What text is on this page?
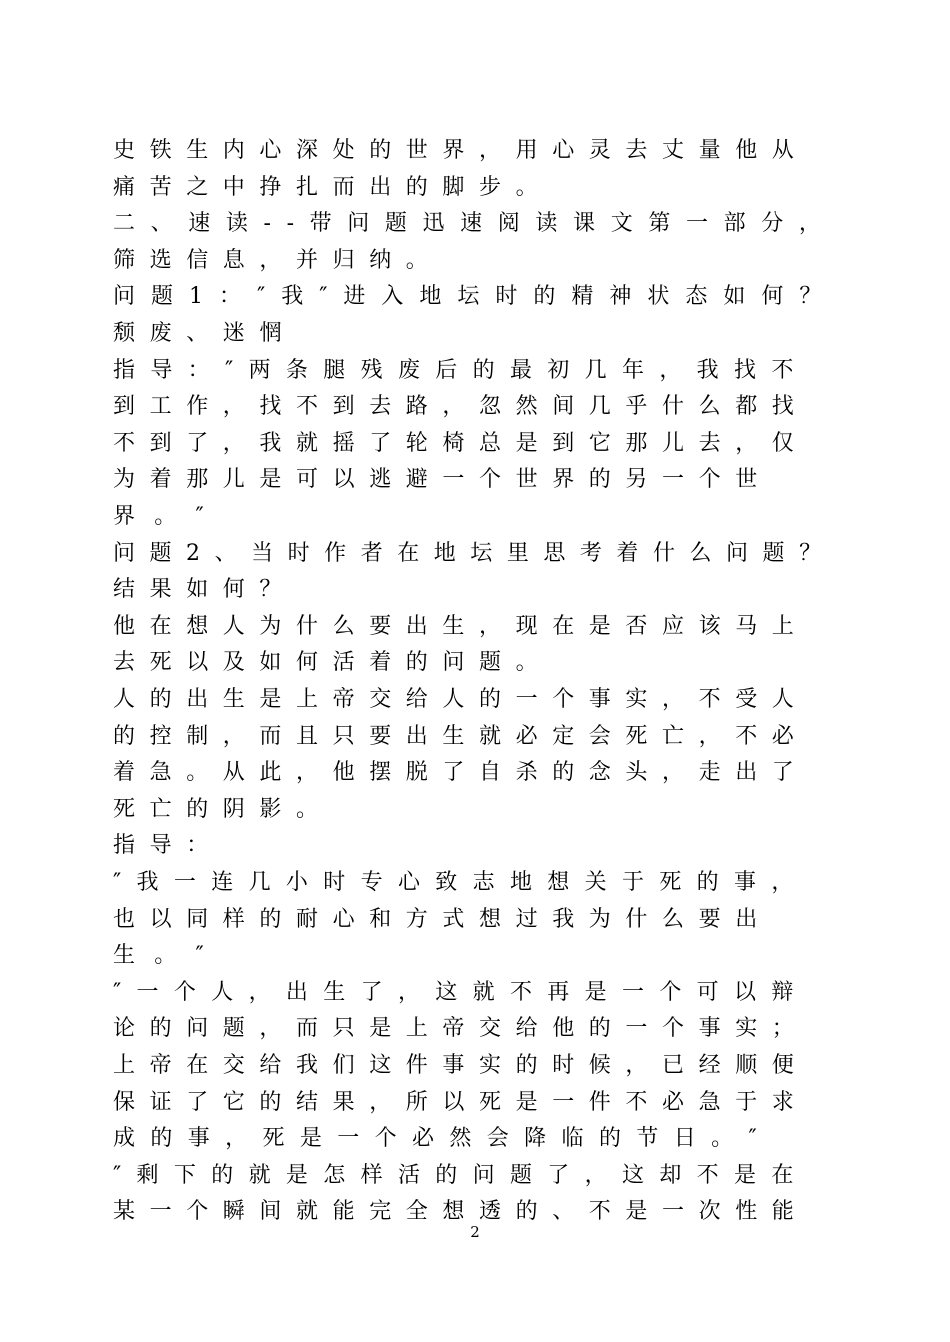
史铁生内心深处的世界，用心灵去丈量他从
痛苦之中挣扎而出的脚步。
二、速读--带问题迅速阅读课文第一部分，
筛选信息，并归纳。
问题1：″我″进入地坛时的精神状态如何？
颓废、迷惘
指导：″两条腿残废后的最初几年，我找不
到工作，找不到去路，忽然间几乎什么都找
不到了，我就摇了轮椅总是到它那儿去，仅
为着那儿是可以逃避一个世界的另一个世
界。″
问题2、当时作者在地坛里思考着什么问题？
结果如何？
他在想人为什么要出生，现在是否应该马上
去死以及如何活着的问题。
人的出生是上帝交给人的一个事实，不受人
的控制，而且只要出生就必定会死亡，不必
着急。从此，他摆脱了自杀的念头，走出了
死亡的阴影。
指导：
″我一连几小时专心致志地想关于死的事，
也以同样的耐心和方式想过我为什么要出
生。″
″一个人，出生了，这就不再是一个可以辩
论的问题，而只是上帝交给他的一个事实；
上帝在交给我们这件事实的时候，已经顺便
保证了它的结果，所以死是一件不必急于求
成的事，死是一个必然会降临的节日。″
″剩下的就是怎样活的问题了，这却不是在
某一个瞬间就能完全想透的、不是一次性能
2
